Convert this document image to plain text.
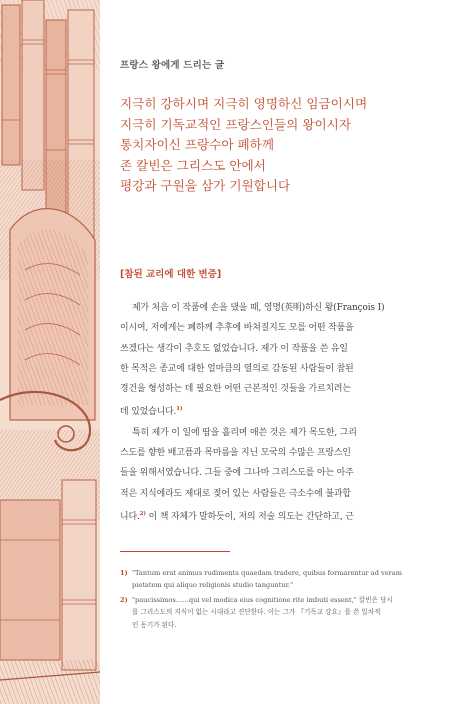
프랑스 왕에게 드리는 글
지극히 강하시며 지극히 영명하신 임금이시며
지극히 기독교적인 프랑스인들의 왕이시자
통치자이신 프랑수아 폐하께
존 칼빈은 그리스도 안에서
평강과 구원을 삼가 기원합니다
[참된 교리에 대한 변증]
제가 처음 이 작품에 손을 댔을 때, 영명(英明)하신 왕(François I)
이시여, 저에게는 폐하께 추후에 바쳐질지도 모를 어떤 작품을
쓰겠다는 생각이 추호도 없었습니다. 제가 이 작품을 쓴 유일
한 목적은 종교에 대한 얼마큼의 열의로 감동된 사람들이 참된
경건을 형성하는 데 필요한 어떤 근본적인 것들을 가르치려는
데 있었습니다.$^{1)}$
특히 제가 이 일에 땀을 흘리며 애쓴 것은 제가 목도한, 그리
스도를 향한 배고픔과 목마름을 지닌 모국의 수많은 프랑스인
들을 위해서였습니다. 그들 중에 그나마 그리스도를 아는 아주
적은 지식에라도 제대로 젖어 있는 사람들은 극소수에 불과합
니다.$^{2)}$ 이 책 자체가 말하듯이, 저의 저술 의도는 간단하고, 근
1) "Tantum erat animus rudimenta quaedam tradere, quibus formarentur ad veram
pietatem qui aliquo religionis studio tanguntur."
2) "paucissimos……qui vel modica eius cognitione rite imbuti essent," 칼빈은 당시
를 그리스도의 지식이 없는 시대라고 진단한다. 이는 그가 『기독교 강요』를 쓴 일차적
인 동기가 된다.
